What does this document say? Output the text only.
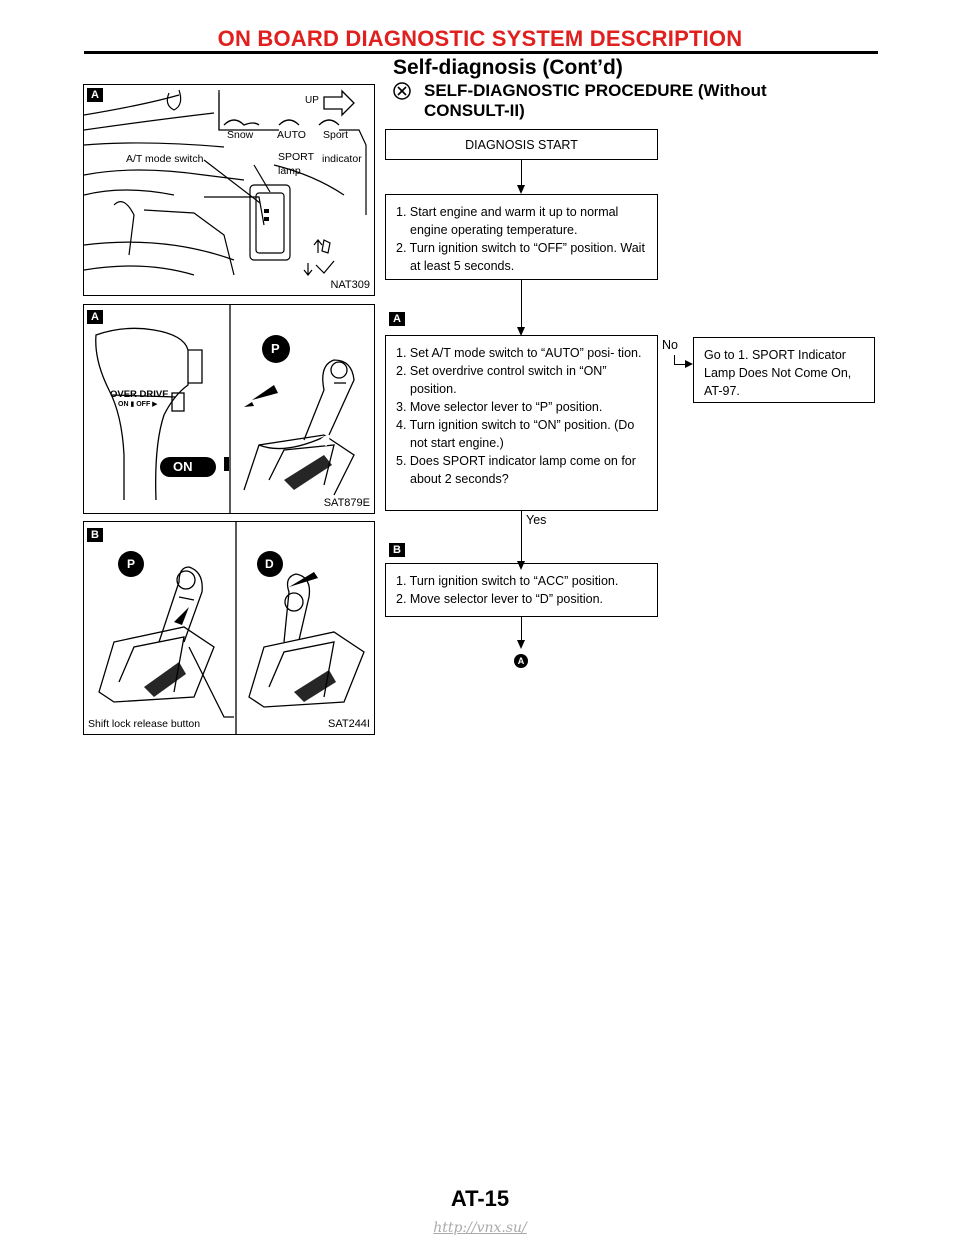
ON BOARD DIAGNOSTIC SYSTEM DESCRIPTION
Self-diagnosis (Cont’d)
SELF-DIAGNOSTIC PROCEDURE (Without
CONSULT-II)
A	UP
Snow AUTO Sport
A/T mode switch	SPORT
lamp
indicator
NAT309
A
OVER DRIVE
ON ▮ OFF ▶
ON
P
P
SAT879E
B
P	D
P
D
Shift lock release button	SAT244I
DIAGNOSIS START

1. Start engine and warm it up to normal engine operating temperature.

2. Turn ignition switch to “OFF” position. Wait at least 5 seconds.

A

1. Set A/T mode switch to “AUTO” posi- tion.

2. Set overdrive control switch in “ON” position.

3. Move selector lever to “P” position.

4. Turn ignition switch to “ON” position. (Do not start engine.)

5. Does SPORT indicator lamp come on for about 2 seconds?

No

Go to 1. SPORT Indicator Lamp Does Not Come On, AT-97.

Yes
B

1. Turn ignition switch to “ACC” position.

2. Move selector lever to “D” position.

A
AT-15
http://vnx.su/
